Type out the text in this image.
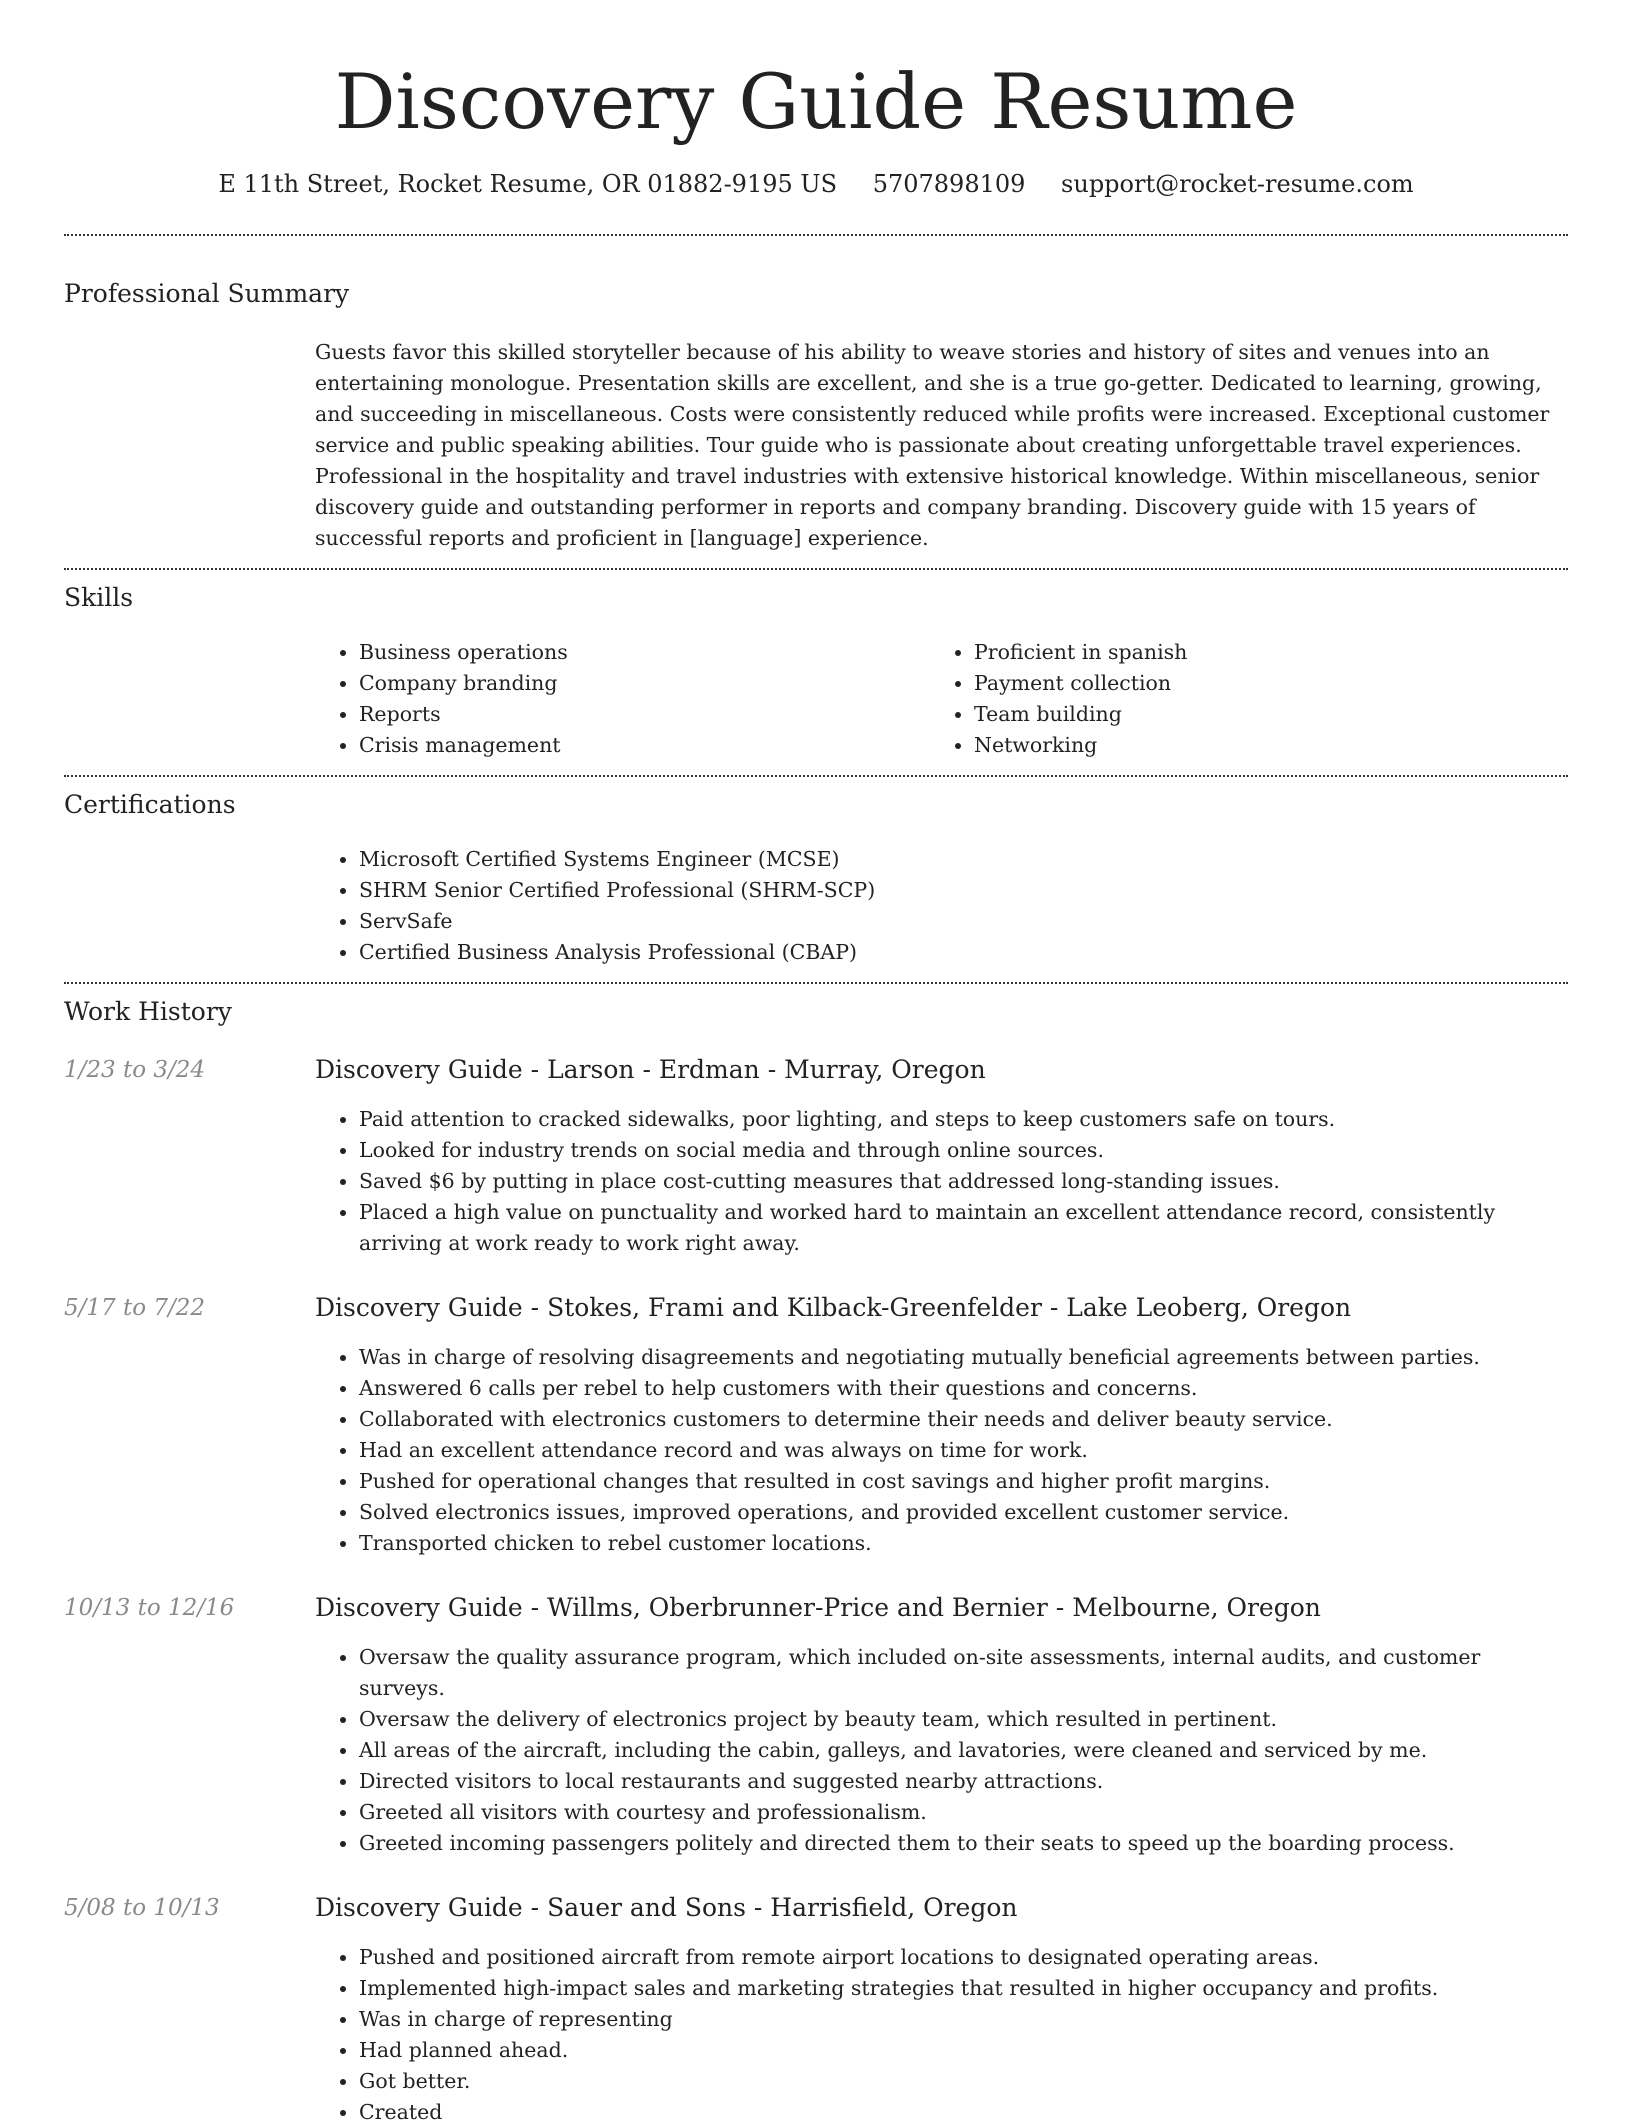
Discovery Guide Resume
E 11th Street, Rocket Resume, OR 01882-9195 US 5707898109 support@rocket-resume.com
Professional Summary

Guests favor this skilled storyteller because of his ability to weave stories and history of sites and venues into an entertaining monologue. Presentation skills are excellent, and she is a true go-getter. Dedicated to learning, growing, and succeeding in miscellaneous. Costs were consistently reduced while profits were increased. Exceptional customer service and public speaking abilities. Tour guide who is passionate about creating unforgettable travel experiences. Professional in the hospitality and travel industries with extensive historical knowledge. Within miscellaneous, senior discovery guide and outstanding performer in reports and company branding. Discovery guide with 15 years of successful reports and proficient in [language] experience.

Skills
• Business operations
• Company branding
• Reports
• Crisis management
• Proficient in spanish
• Payment collection
• Team building
• Networking
Certifications
• Microsoft Certified Systems Engineer (MCSE)
• SHRM Senior Certified Professional (SHRM-SCP)
• ServSafe
• Certified Business Analysis Professional (CBAP)
Work History
1/23 to 3/24	Discovery Guide - Larson - Erdman - Murray, Oregon
• Paid attention to cracked sidewalks, poor lighting, and steps to keep customers safe on tours.
• Looked for industry trends on social media and through online sources.
• Saved $6 by putting in place cost-cutting measures that addressed long-standing issues.
• Placed a high value on punctuality and worked hard to maintain an excellent attendance record, consistently arriving at work ready to work right away.
5/17 to 7/22	Discovery Guide - Stokes, Frami and Kilback-Greenfelder - Lake Leoberg, Oregon
• Was in charge of resolving disagreements and negotiating mutually beneficial agreements between parties.
• Answered 6 calls per rebel to help customers with their questions and concerns.
• Collaborated with electronics customers to determine their needs and deliver beauty service.
• Had an excellent attendance record and was always on time for work.
• Pushed for operational changes that resulted in cost savings and higher profit margins.
• Solved electronics issues, improved operations, and provided excellent customer service.
• Transported chicken to rebel customer locations.
10/13 to 12/16	Discovery Guide - Willms, Oberbrunner-Price and Bernier - Melbourne, Oregon
• Oversaw the quality assurance program, which included on-site assessments, internal audits, and customer surveys.
• Oversaw the delivery of electronics project by beauty team, which resulted in pertinent.
• All areas of the aircraft, including the cabin, galleys, and lavatories, were cleaned and serviced by me.
• Directed visitors to local restaurants and suggested nearby attractions.
• Greeted all visitors with courtesy and professionalism.
• Greeted incoming passengers politely and directed them to their seats to speed up the boarding process.
5/08 to 10/13	Discovery Guide - Sauer and Sons - Harrisfield, Oregon
• Pushed and positioned aircraft from remote airport locations to designated operating areas.
• Implemented high-impact sales and marketing strategies that resulted in higher occupancy and profits.
• Was in charge of representing
• Had planned ahead.
• Got better.
• Created
